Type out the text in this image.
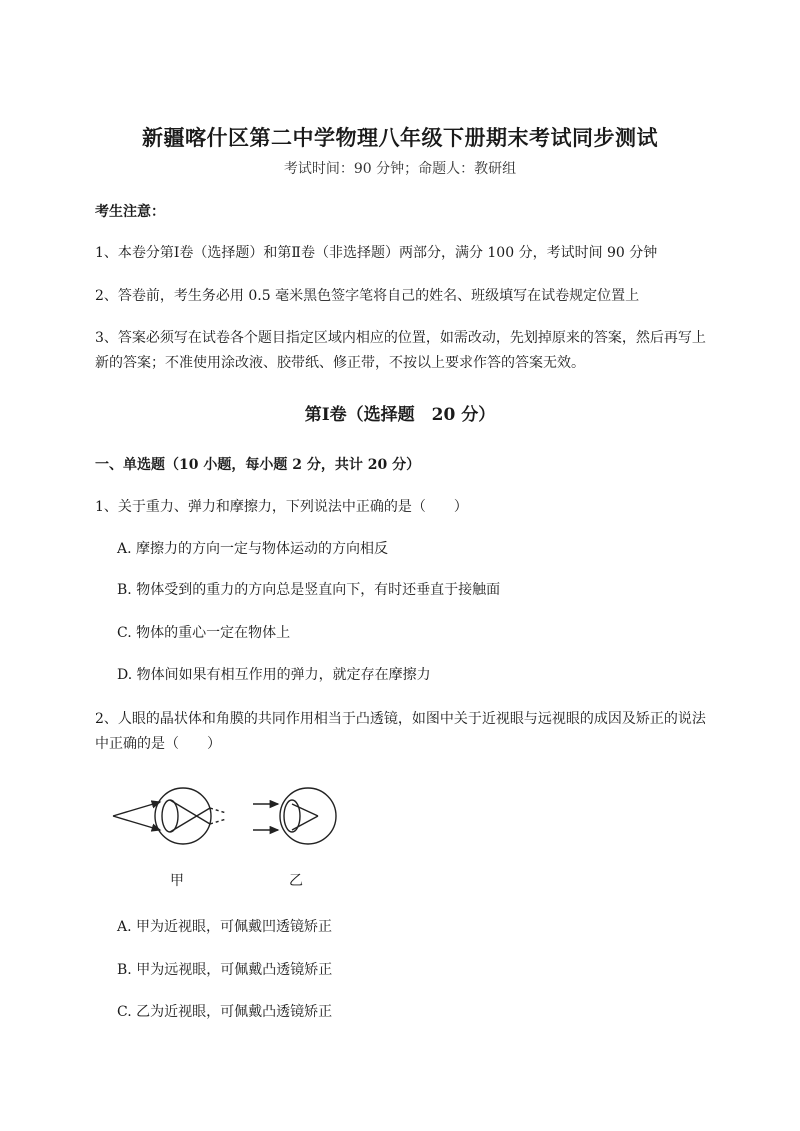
新疆喀什区第二中学物理八年级下册期末考试同步测试
考试时间：90 分钟；命题人：教研组
考生注意：
1、本卷分第Ⅰ卷（选择题）和第Ⅱ卷（非选择题）两部分，满分 100 分，考试时间 90 分钟
2、答卷前，考生务必用 0.5 毫米黑色签字笔将自己的姓名、班级填写在试卷规定位置上
3、答案必须写在试卷各个题目指定区域内相应的位置，如需改动，先划掉原来的答案，然后再写上新的答案；不准使用涂改液、胶带纸、修正带，不按以上要求作答的答案无效。
第Ⅰ卷（选择题　20 分）
一、单选题（10 小题，每小题 2 分，共计 20 分）
1、关于重力、弹力和摩擦力，下列说法中正确的是（　　）
A. 摩擦力的方向一定与物体运动的方向相反
B. 物体受到的重力的方向总是竖直向下，有时还垂直于接触面
C. 物体的重心一定在物体上
D. 物体间如果有相互作用的弹力，就定存在摩擦力
2、人眼的晶状体和角膜的共同作用相当于凸透镜，如图中关于近视眼与远视眼的成因及矫正的说法中正确的是（　　）
甲	乙
A. 甲为近视眼，可佩戴凹透镜矫正
B. 甲为远视眼，可佩戴凸透镜矫正
C. 乙为近视眼，可佩戴凸透镜矫正
